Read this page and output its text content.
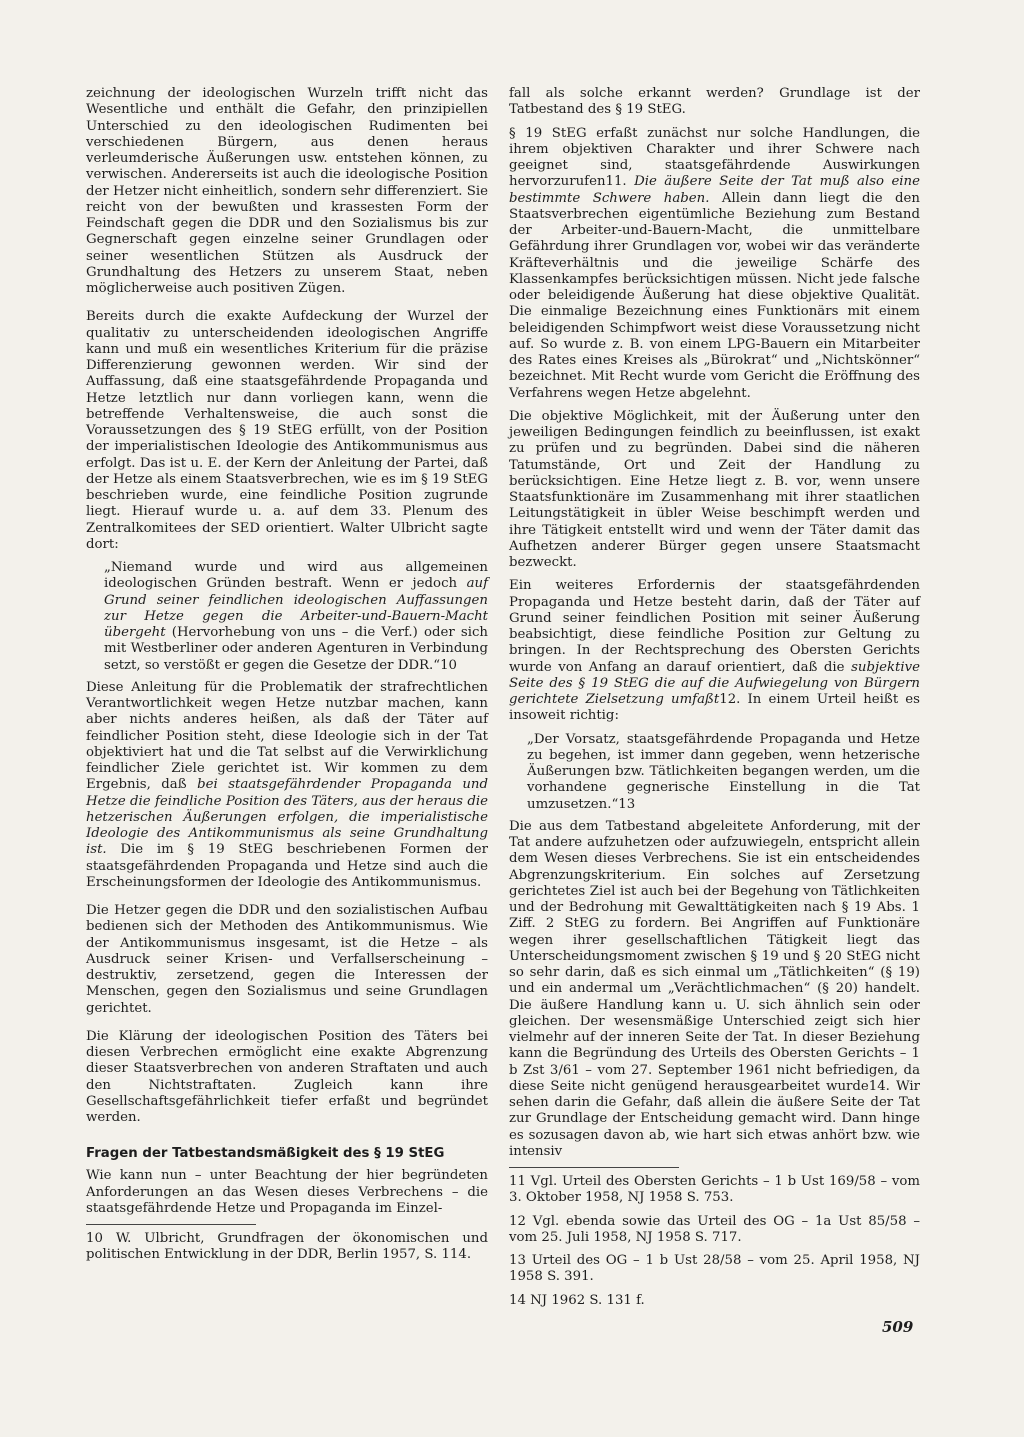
zeichnung der ideologischen Wurzeln trifft nicht das Wesentliche und enthält die Gefahr, den prinzipiellen Unterschied zu den ideologischen Rudimenten bei verschiedenen Bürgern, aus denen heraus verleumderische Äußerungen usw. entstehen können, zu verwischen. Andererseits ist auch die ideologische Position der Hetzer nicht einheitlich, sondern sehr differenziert. Sie reicht von der bewußten und krassesten Form der Feindschaft gegen die DDR und den Sozialismus bis zur Gegnerschaft gegen einzelne seiner Grundlagen oder seiner wesentlichen Stützen als Ausdruck der Grundhaltung des Hetzers zu unserem Staat, neben möglicherweise auch positiven Zügen.

Bereits durch die exakte Aufdeckung der Wurzel der qualitativ zu unterscheidenden ideologischen Angriffe kann und muß ein wesentliches Kriterium für die präzise Differenzierung gewonnen werden. Wir sind der Auffassung, daß eine staatsgefährdende Propaganda und Hetze letztlich nur dann vorliegen kann, wenn die betreffende Verhaltensweise, die auch sonst die Voraussetzungen des § 19 StEG erfüllt, von der Position der imperialistischen Ideologie des Antikommunismus aus erfolgt. Das ist u. E. der Kern der Anleitung der Partei, daß der Hetze als einem Staatsverbrechen, wie es im § 19 StEG beschrieben wurde, eine feindliche Position zugrunde liegt. Hierauf wurde u. a. auf dem 33. Plenum des Zentralkomitees der SED orientiert. Walter Ulbricht sagte dort:

„Niemand wurde und wird aus allgemeinen ideologischen Gründen bestraft. Wenn er jedoch auf Grund seiner feindlichen ideologischen Auffassungen zur Hetze gegen die Arbeiter-und-Bauern-Macht übergeht (Hervorhebung von uns – die Verf.) oder sich mit Westberliner oder anderen Agenturen in Verbindung setzt, so verstößt er gegen die Gesetze der DDR.“10

Diese Anleitung für die Problematik der strafrechtlichen Verantwortlichkeit wegen Hetze nutzbar machen, kann aber nichts anderes heißen, als daß der Täter auf feindlicher Position steht, diese Ideologie sich in der Tat objektiviert hat und die Tat selbst auf die Verwirklichung feindlicher Ziele gerichtet ist. Wir kommen zu dem Ergebnis, daß bei staatsgefährdender Propaganda und Hetze die feindliche Position des Täters, aus der heraus die hetzerischen Äußerungen erfolgen, die imperialistische Ideologie des Antikommunismus als seine Grundhaltung ist. Die im § 19 StEG beschriebenen Formen der staatsgefährdenden Propaganda und Hetze sind auch die Erscheinungsformen der Ideologie des Antikommunismus.

Die Hetzer gegen die DDR und den sozialistischen Aufbau bedienen sich der Methoden des Antikommunismus. Wie der Antikommunismus insgesamt, ist die Hetze – als Ausdruck seiner Krisen- und Verfallserscheinung – destruktiv, zersetzend, gegen die Interessen der Menschen, gegen den Sozialismus und seine Grundlagen gerichtet.

Die Klärung der ideologischen Position des Täters bei diesen Verbrechen ermöglicht eine exakte Abgrenzung dieser Staatsverbrechen von anderen Straftaten und auch den Nichtstraftaten. Zugleich kann ihre Gesellschaftsgefährlichkeit tiefer erfaßt und begründet werden.

Fragen der Tatbestandsmäßigkeit des § 19 StEG

Wie kann nun – unter Beachtung der hier begründeten Anforderungen an das Wesen dieses Verbrechens – die staatsgefährdende Hetze und Propaganda im Einzel-

10 W. Ulbricht, Grundfragen der ökonomischen und politischen Entwicklung in der DDR, Berlin 1957, S. 114.

fall als solche erkannt werden? Grundlage ist der Tatbestand des § 19 StEG.

§ 19 StEG erfaßt zunächst nur solche Handlungen, die ihrem objektiven Charakter und ihrer Schwere nach geeignet sind, staatsgefährdende Auswirkungen hervorzurufen11. Die äußere Seite der Tat muß also eine bestimmte Schwere haben. Allein dann liegt die den Staatsverbrechen eigentümliche Beziehung zum Bestand der Arbeiter-und-Bauern-Macht, die unmittelbare Gefährdung ihrer Grundlagen vor, wobei wir das veränderte Kräfteverhältnis und die jeweilige Schärfe des Klassenkampfes berücksichtigen müssen. Nicht jede falsche oder beleidigende Äußerung hat diese objektive Qualität. Die einmalige Bezeichnung eines Funktionärs mit einem beleidigenden Schimpfwort weist diese Voraussetzung nicht auf. So wurde z. B. von einem LPG-Bauern ein Mitarbeiter des Rates eines Kreises als „Bürokrat“ und „Nichtskönner“ bezeichnet. Mit Recht wurde vom Gericht die Eröffnung des Verfahrens wegen Hetze abgelehnt.

Die objektive Möglichkeit, mit der Äußerung unter den jeweiligen Bedingungen feindlich zu beeinflussen, ist exakt zu prüfen und zu begründen. Dabei sind die näheren Tatumstände, Ort und Zeit der Handlung zu berücksichtigen. Eine Hetze liegt z. B. vor, wenn unsere Staatsfunktionäre im Zusammenhang mit ihrer staatlichen Leitungstätigkeit in übler Weise beschimpft werden und ihre Tätigkeit entstellt wird und wenn der Täter damit das Aufhetzen anderer Bürger gegen unsere Staatsmacht bezweckt.

Ein weiteres Erfordernis der staatsgefährdenden Propaganda und Hetze besteht darin, daß der Täter auf Grund seiner feindlichen Position mit seiner Äußerung beabsichtigt, diese feindliche Position zur Geltung zu bringen. In der Rechtsprechung des Obersten Gerichts wurde von Anfang an darauf orientiert, daß die subjektive Seite des § 19 StEG die auf die Aufwiegelung von Bürgern gerichtete Zielsetzung umfaßt12. In einem Urteil heißt es insoweit richtig:

„Der Vorsatz, staatsgefährdende Propaganda und Hetze zu begehen, ist immer dann gegeben, wenn hetzerische Äußerungen bzw. Tätlichkeiten begangen werden, um die vorhandene gegnerische Einstellung in die Tat umzusetzen.“13

Die aus dem Tatbestand abgeleitete Anforderung, mit der Tat andere aufzuhetzen oder aufzuwiegeln, entspricht allein dem Wesen dieses Verbrechens. Sie ist ein entscheidendes Abgrenzungskriterium. Ein solches auf Zersetzung gerichtetes Ziel ist auch bei der Begehung von Tätlichkeiten und der Bedrohung mit Gewalttätigkeiten nach § 19 Abs. 1 Ziff. 2 StEG zu fordern. Bei Angriffen auf Funktionäre wegen ihrer gesellschaftlichen Tätigkeit liegt das Unterscheidungsmoment zwischen § 19 und § 20 StEG nicht so sehr darin, daß es sich einmal um „Tätlichkeiten“ (§ 19) und ein andermal um „Verächtlichmachen“ (§ 20) handelt. Die äußere Handlung kann u. U. sich ähnlich sein oder gleichen. Der wesensmäßige Unterschied zeigt sich hier vielmehr auf der inneren Seite der Tat. In dieser Beziehung kann die Begründung des Urteils des Obersten Gerichts – 1 b Zst 3/61 – vom 27. September 1961 nicht befriedigen, da diese Seite nicht genügend herausgearbeitet wurde14. Wir sehen darin die Gefahr, daß allein die äußere Seite der Tat zur Grundlage der Entscheidung gemacht wird. Dann hinge es sozusagen davon ab, wie hart sich etwas anhört bzw. wie intensiv

11 Vgl. Urteil des Obersten Gerichts – 1 b Ust 169/58 – vom 3. Oktober 1958, NJ 1958 S. 753.

12 Vgl. ebenda sowie das Urteil des OG – 1a Ust 85/58 – vom 25. Juli 1958, NJ 1958 S. 717.

13 Urteil des OG – 1 b Ust 28/58 – vom 25. April 1958, NJ 1958 S. 391.

14 NJ 1962 S. 131 f.

509
